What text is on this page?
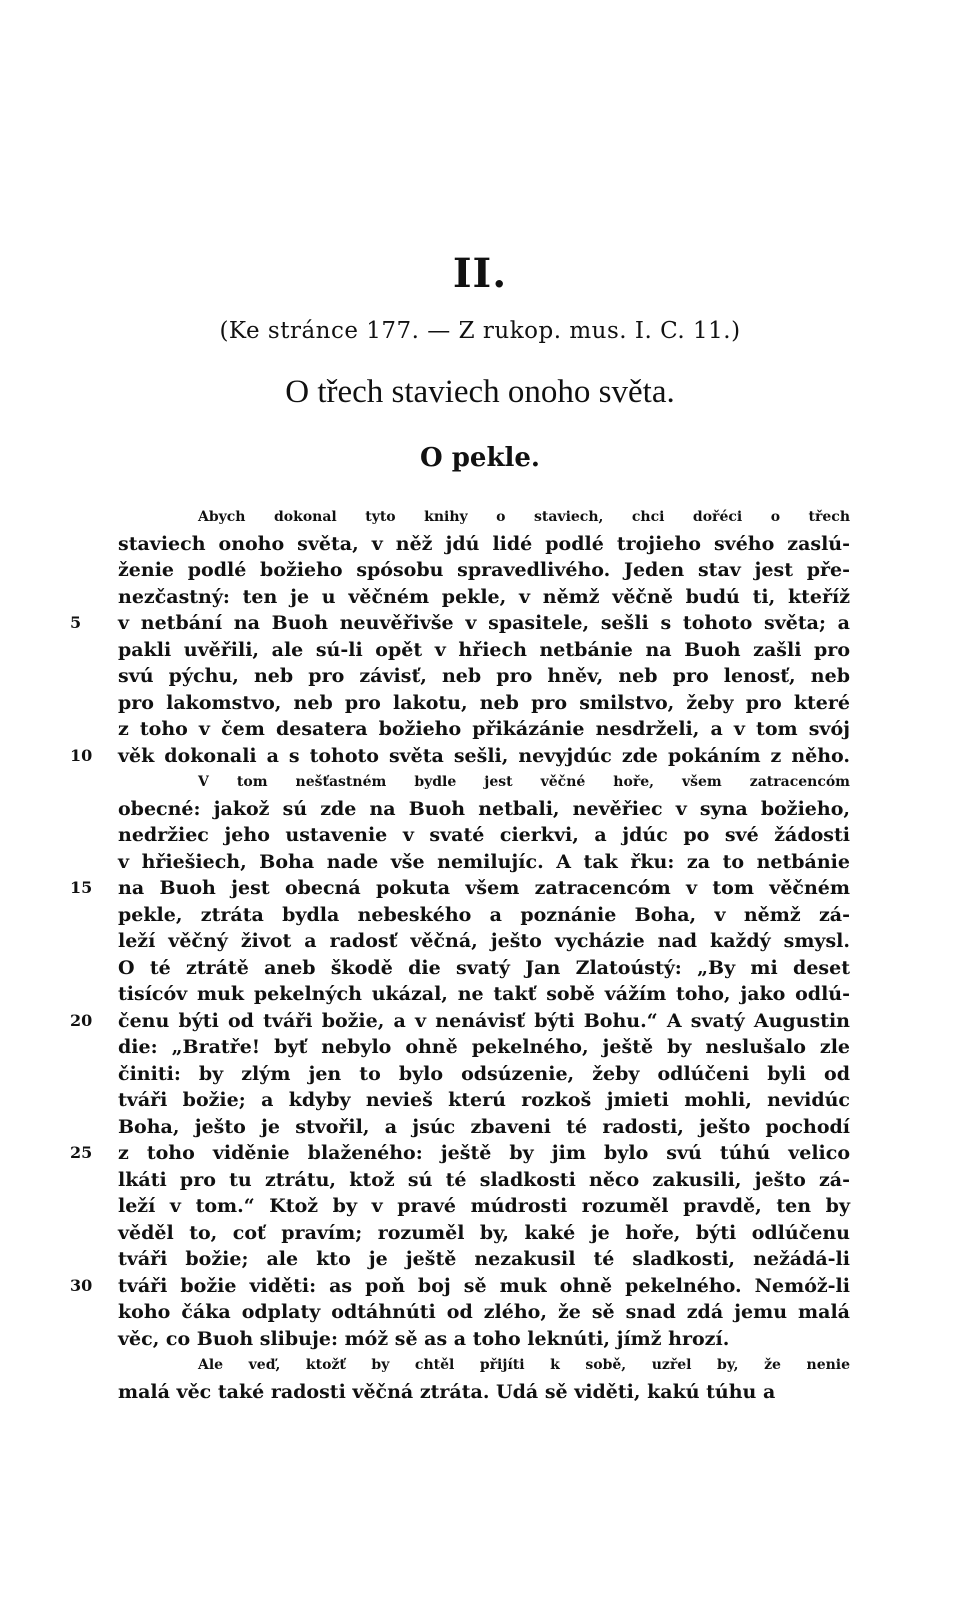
II.
(Ke stránce 177. — Z rukop. mus. I. C. 11.)
O třech staviech onoho světa.
O pekle.
Abych dokonal tyto knihy o staviech, chci dořéci o třech
staviech onoho světa, v něž jdú lidé podlé trojieho svého zaslú-
ženie podlé božieho spósobu spravedlivého. Jeden stav jest pře-
nezčastný: ten je u věčném pekle, v němž věčně budú ti, kteříž
5	v netbání na Buoh neuvěřivše v spasitele, sešli s tohoto světa; a
pakli uvěřili, ale sú-li opět v hřiech netbánie na Buoh zašli pro
svú pýchu, neb pro závisť, neb pro hněv, neb pro lenosť, neb
pro lakomstvo, neb pro lakotu, neb pro smilstvo, žeby pro které
z toho v čem desatera božieho přikázánie nesdrželi, a v tom svój
10	věk dokonali a s tohoto světa sešli, nevyjdúc zde pokáním z něho.
V tom nešťastném bydle jest věčné hoře, všem zatracencóm
obecné: jakož sú zde na Buoh netbali, nevěřiec v syna božieho,
nedržiec jeho ustavenie v svaté cierkvi, a jdúc po své žádosti
v hřiešiech, Boha nade vše nemilujíc. A tak řku: za to netbánie
15	na Buoh jest obecná pokuta všem zatracencóm v tom věčném
pekle, ztráta bydla nebeského a poznánie Boha, v němž zá-
leží věčný život a radosť věčná, ješto vycházie nad každý smysl.
O té ztrátě aneb škodě die svatý Jan Zlatoústý: „By mi deset
tisícóv muk pekelných ukázal, ne takť sobě vážím toho, jako odlú-
20	čenu býti od tváři božie, a v nenávisť býti Bohu.“ A svatý Augustin
die: „Bratře! byť nebylo ohně pekelného, ještě by neslušalo zle
činiti: by zlým jen to bylo odsúzenie, žeby odlúčeni byli od
tváři božie; a kdyby nevieš kterú rozkoš jmieti mohli, nevidúc
Boha, ješto je stvořil, a jsúc zbaveni té radosti, ješto pochodí
25	z toho viděnie blaženého: ještě by jim bylo svú túhú velico
lkáti pro tu ztrátu, ktož sú té sladkosti něco zakusili, ješto zá-
leží v tom.“ Ktož by v pravé múdrosti rozuměl pravdě, ten by
věděl to, coť pravím; rozuměl by, kaké je hoře, býti odlúčenu
tváři božie; ale kto je ještě nezakusil té sladkosti, nežádá-li
30	tváři božie viděti: as poň boj sě muk ohně pekelného. Nemóž-li
koho čáka odplaty odtáhnúti od zlého, že sě snad zdá jemu malá
věc, co Buoh slibuje: móž sě as a toho leknúti, jímž hrozí.
Ale veď, ktožť by chtěl přijíti k sobě, uzřel by, že nenie
malá věc také radosti věčná ztráta. Udá sě viděti, kakú túhu a
